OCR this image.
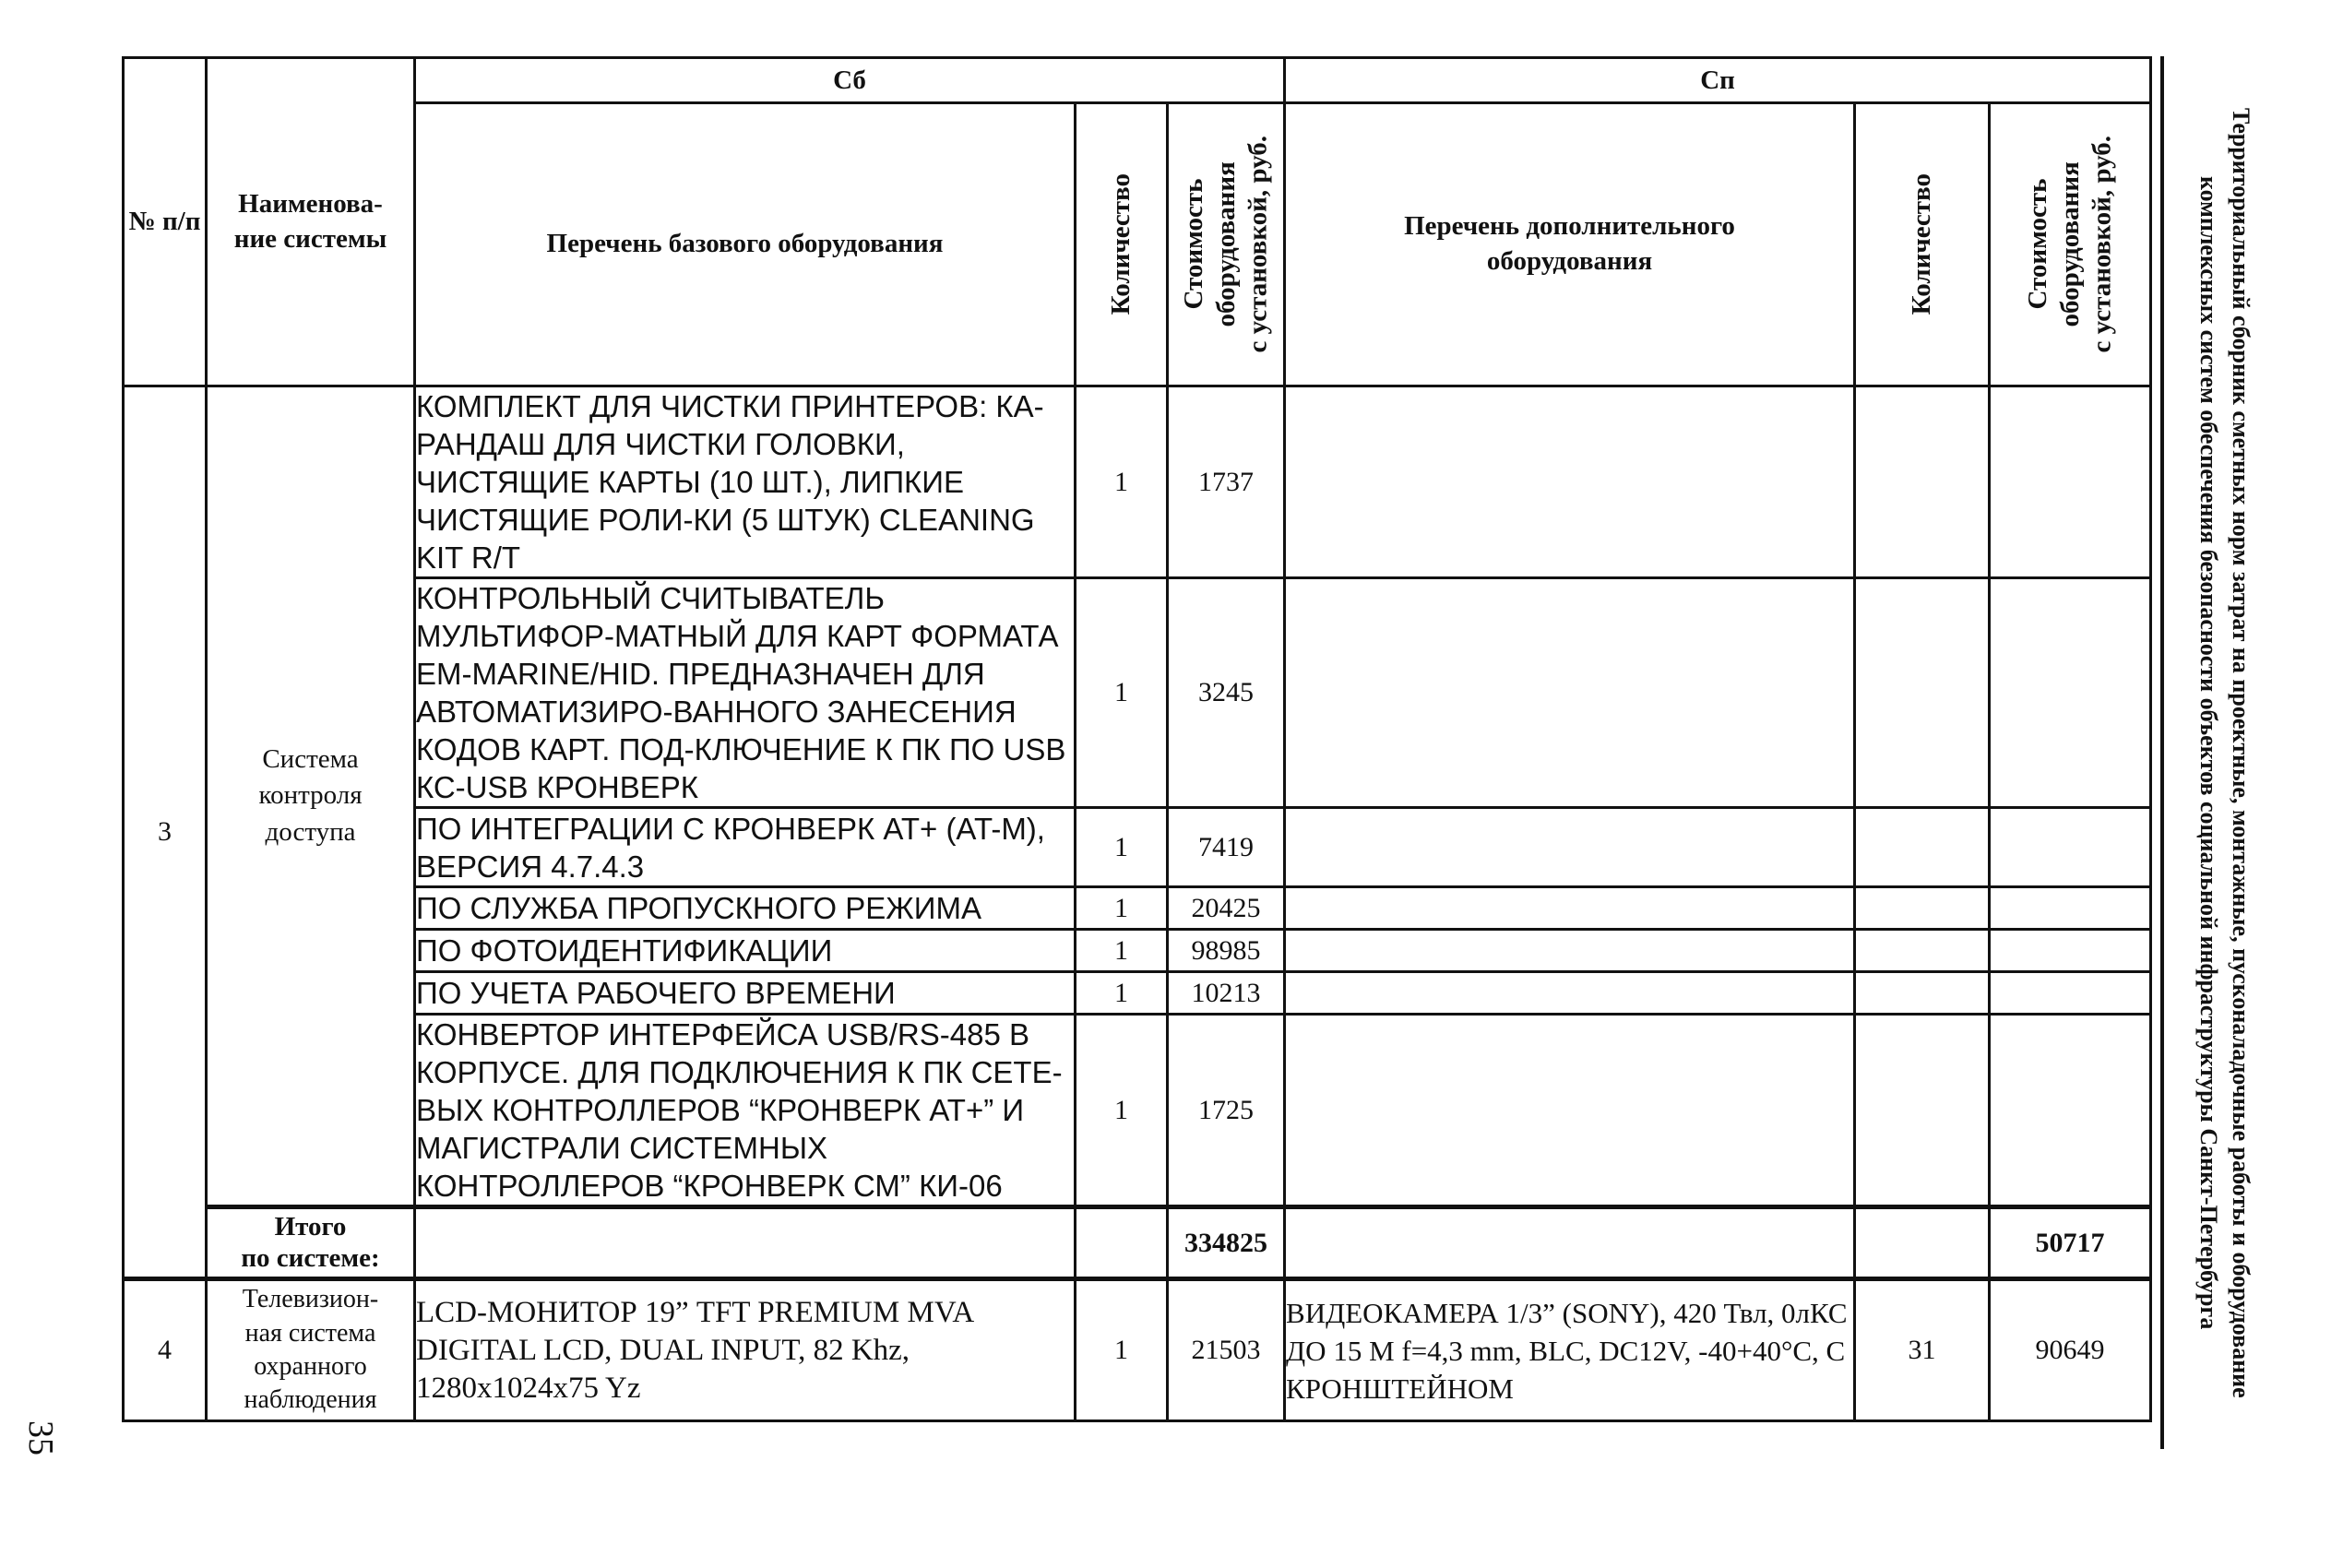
№ п/п	Наименова-
ние системы	Сб			Сп		
		Перечень базового оборудования	Количество	Стоимость
оборудования
с установкой, руб.	Перечень дополнительного оборудования	Количество	Стоимость
оборудования
с установкой, руб.

3	Система
контроля
доступа	КОМПЛЕКТ ДЛЯ ЧИСТКИ ПРИНТЕРОВ: КА-РАНДАШ ДЛЯ ЧИСТКИ ГОЛОВКИ, ЧИСТЯЩИЕ КАРТЫ (10 ШТ.), ЛИПКИЕ ЧИСТЯЩИЕ РОЛИ-КИ (5 ШТУК) CLEANING KIT R/T	1	1737			
		КОНТРОЛЬНЫЙ СЧИТЫВАТЕЛЬ МУЛЬТИФОР-МАТНЫЙ ДЛЯ КАРТ ФОРМАТА EM-MARINE/HID. ПРЕДНАЗНАЧЕН ДЛЯ АВТОМАТИЗИРО-ВАННОГО ЗАНЕСЕНИЯ КОДОВ КАРТ. ПОД-КЛЮЧЕНИЕ К ПК ПО USB КС-USB КРОНВЕРК	1	3245			
		ПО ИНТЕГРАЦИИ С КРОНВЕРК АТ+ (AT-M), ВЕРСИЯ 4.7.4.3	1	7419			
		ПО СЛУЖБА ПРОПУСКНОГО РЕЖИМА	1	20425			
		ПО ФОТОИДЕНТИФИКАЦИИ	1	98985			
		ПО УЧЕТА РАБОЧЕГО ВРЕМЕНИ	1	10213			
		КОНВЕРТОР ИНТЕРФЕЙСА USB/RS-485 В КОРПУСЕ. ДЛЯ ПОДКЛЮЧЕНИЯ К ПК СЕТЕ-ВЫХ КОНТРОЛЛЕРОВ “КРОНВЕРК АТ+” И МАГИСТРАЛИ СИСТЕМНЫХ КОНТРОЛЛЕРОВ “КРОНВЕРК СМ” КИ-06	1	1725			
	Итого
по системе:			334825			50717
4	Телевизион-
ная система
охранного
наблюдения	LCD-МОНИТОР 19” TFT PREMIUM MVA DIGITAL LCD, DUAL INPUT, 82 Khz, 1280x1024x75 Yz	1	21503	ВИДЕОКАМЕРА 1/3” (SONY), 420 Твл, 0лКС ДО 15 M f=4,3 mm, BLC, DC12V, -40+40°C, С КРОНШТЕЙНОМ	31	90649	Территориальный сборник сметных норм затрат на проектные, монтажные, пусконаладочные работы и оборудование
комплексных систем обеспечения безопасности объектов социальной инфраструктуры Санкт-Петербурга
35
